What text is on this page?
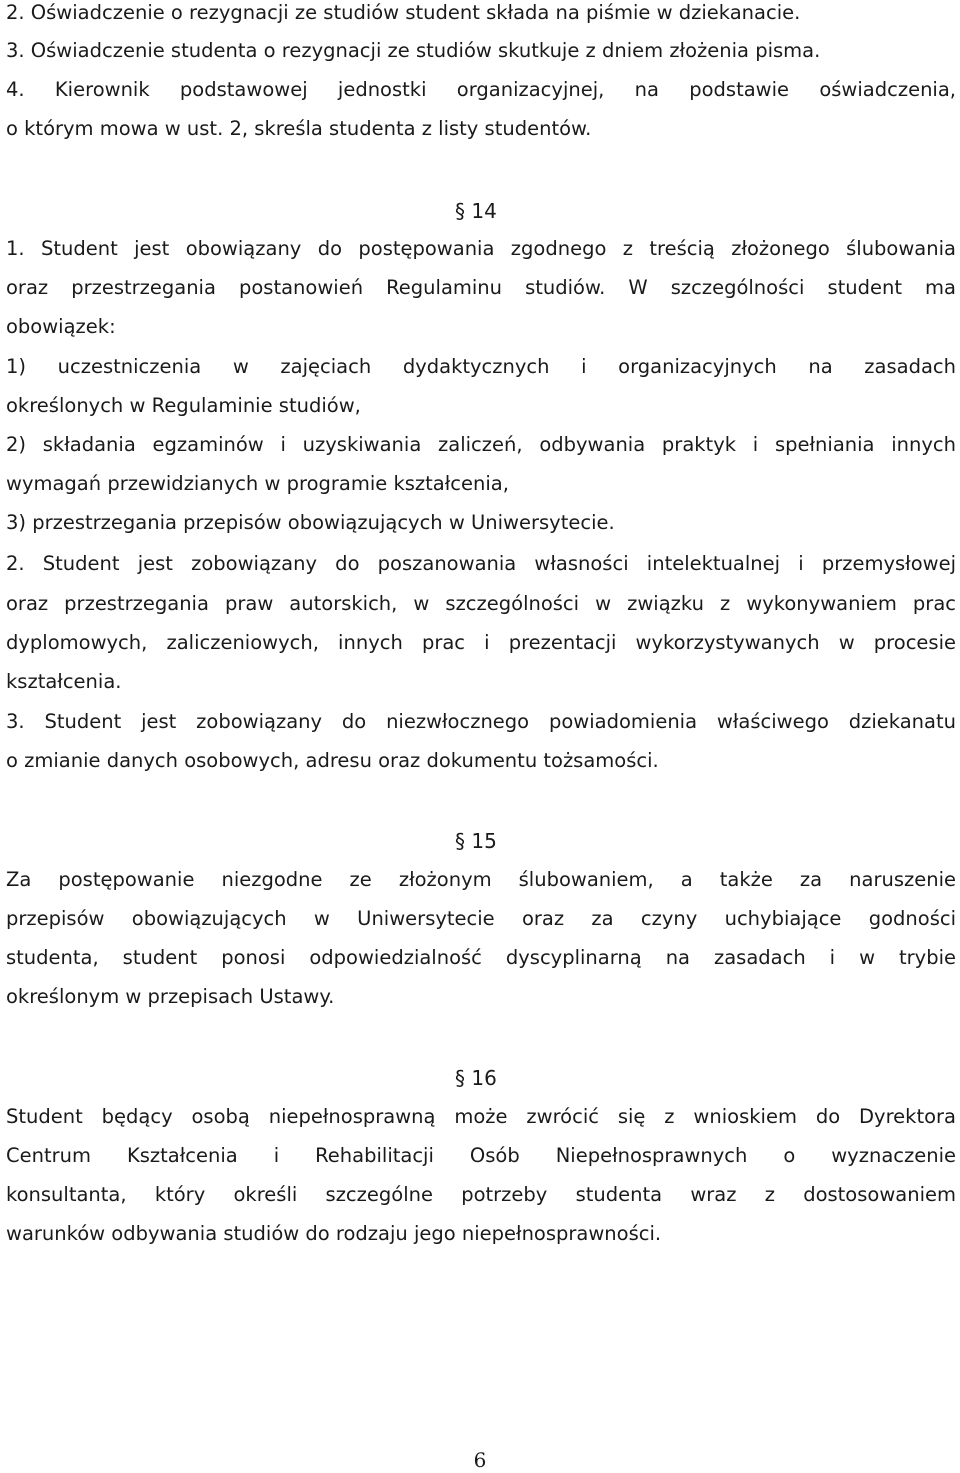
2. Oświadczenie o rezygnacji ze studiów student składa na piśmie w dziekanacie.
3. Oświadczenie studenta o rezygnacji ze studiów skutkuje z dniem złożenia pisma.
4. Kierownik podstawowej jednostki organizacyjnej, na podstawie oświadczenia,
o którym mowa w ust. 2, skreśla studenta z listy studentów.
§ 14
1. Student jest obowiązany do postępowania zgodnego z treścią złożonego ślubowania
oraz przestrzegania postanowień Regulaminu studiów. W szczególności student ma
obowiązek:
1) uczestniczenia w zajęciach dydaktycznych i organizacyjnych na zasadach
określonych w Regulaminie studiów,
2) składania egzaminów i uzyskiwania zaliczeń, odbywania praktyk i spełniania innych
wymagań przewidzianych w programie kształcenia,
3) przestrzegania przepisów obowiązujących w Uniwersytecie.
2. Student jest zobowiązany do poszanowania własności intelektualnej i przemysłowej
oraz przestrzegania praw autorskich, w szczególności w związku z wykonywaniem prac
dyplomowych, zaliczeniowych, innych prac i prezentacji wykorzystywanych w procesie
kształcenia.
3. Student jest zobowiązany do niezwłocznego powiadomienia właściwego dziekanatu
o zmianie danych osobowych, adresu oraz dokumentu tożsamości.
§ 15
Za postępowanie niezgodne ze złożonym ślubowaniem, a także za naruszenie
przepisów obowiązujących w Uniwersytecie oraz za czyny uchybiające godności
studenta, student ponosi odpowiedzialność dyscyplinarną na zasadach i w trybie
określonym w przepisach Ustawy.
§ 16
Student będący osobą niepełnosprawną może zwrócić się z wnioskiem do Dyrektora
Centrum Kształcenia i Rehabilitacji Osób Niepełnosprawnych o wyznaczenie
konsultanta, który określi szczególne potrzeby studenta wraz z dostosowaniem
warunków odbywania studiów do rodzaju jego niepełnosprawności.
6
